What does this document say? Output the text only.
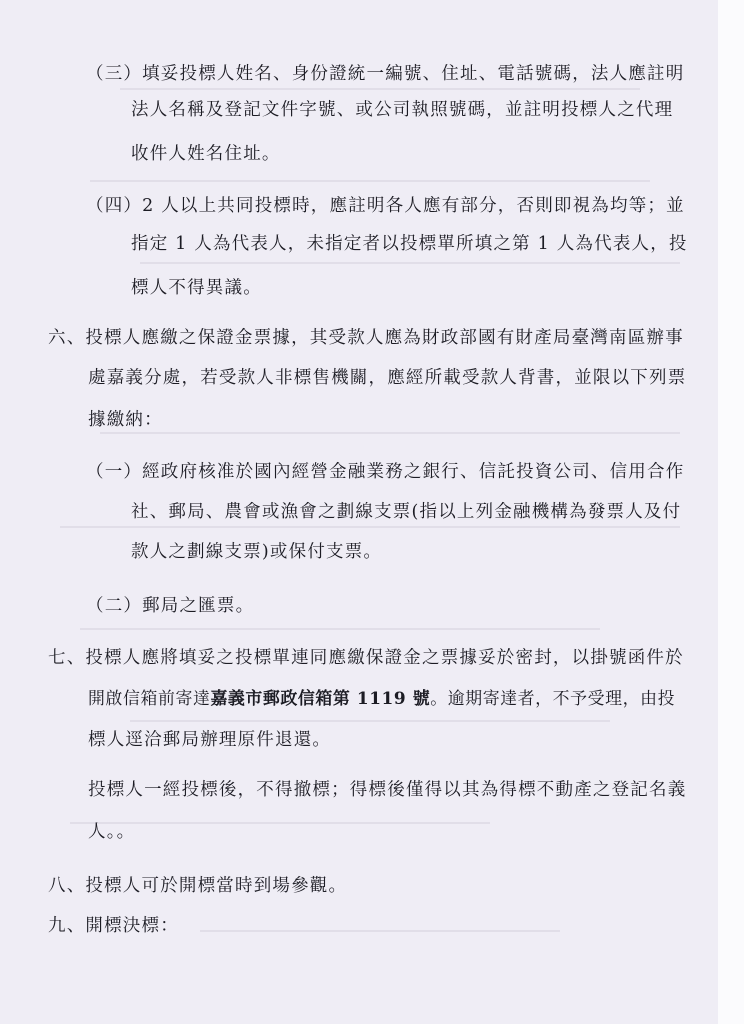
（三）填妥投標人姓名、身份證統一編號、住址、電話號碼，法人應註明
法人名稱及登記文件字號、或公司執照號碼，並註明投標人之代理
收件人姓名住址。
（四）2 人以上共同投標時，應註明各人應有部分，否則即視為均等；並
指定 1 人為代表人，未指定者以投標單所填之第 1 人為代表人，投
標人不得異議。
六、投標人應繳之保證金票據，其受款人應為財政部國有財產局臺灣南區辦事
處嘉義分處，若受款人非標售機關，應經所載受款人背書，並限以下列票
據繳納：
（一）經政府核准於國內經營金融業務之銀行、信託投資公司、信用合作
社、郵局、農會或漁會之劃線支票(指以上列金融機構為發票人及付
款人之劃線支票)或保付支票。
（二）郵局之匯票。
七、投標人應將填妥之投標單連同應繳保證金之票據妥於密封，以掛號函件於
開啟信箱前寄達嘉義市郵政信箱第 1119 號。逾期寄達者，不予受理，由投
標人逕洽郵局辦理原件退還。
投標人一經投標後，不得撤標；得標後僅得以其為得標不動產之登記名義
人。。
八、投標人可於開標當時到場參觀。
九、開標決標：
